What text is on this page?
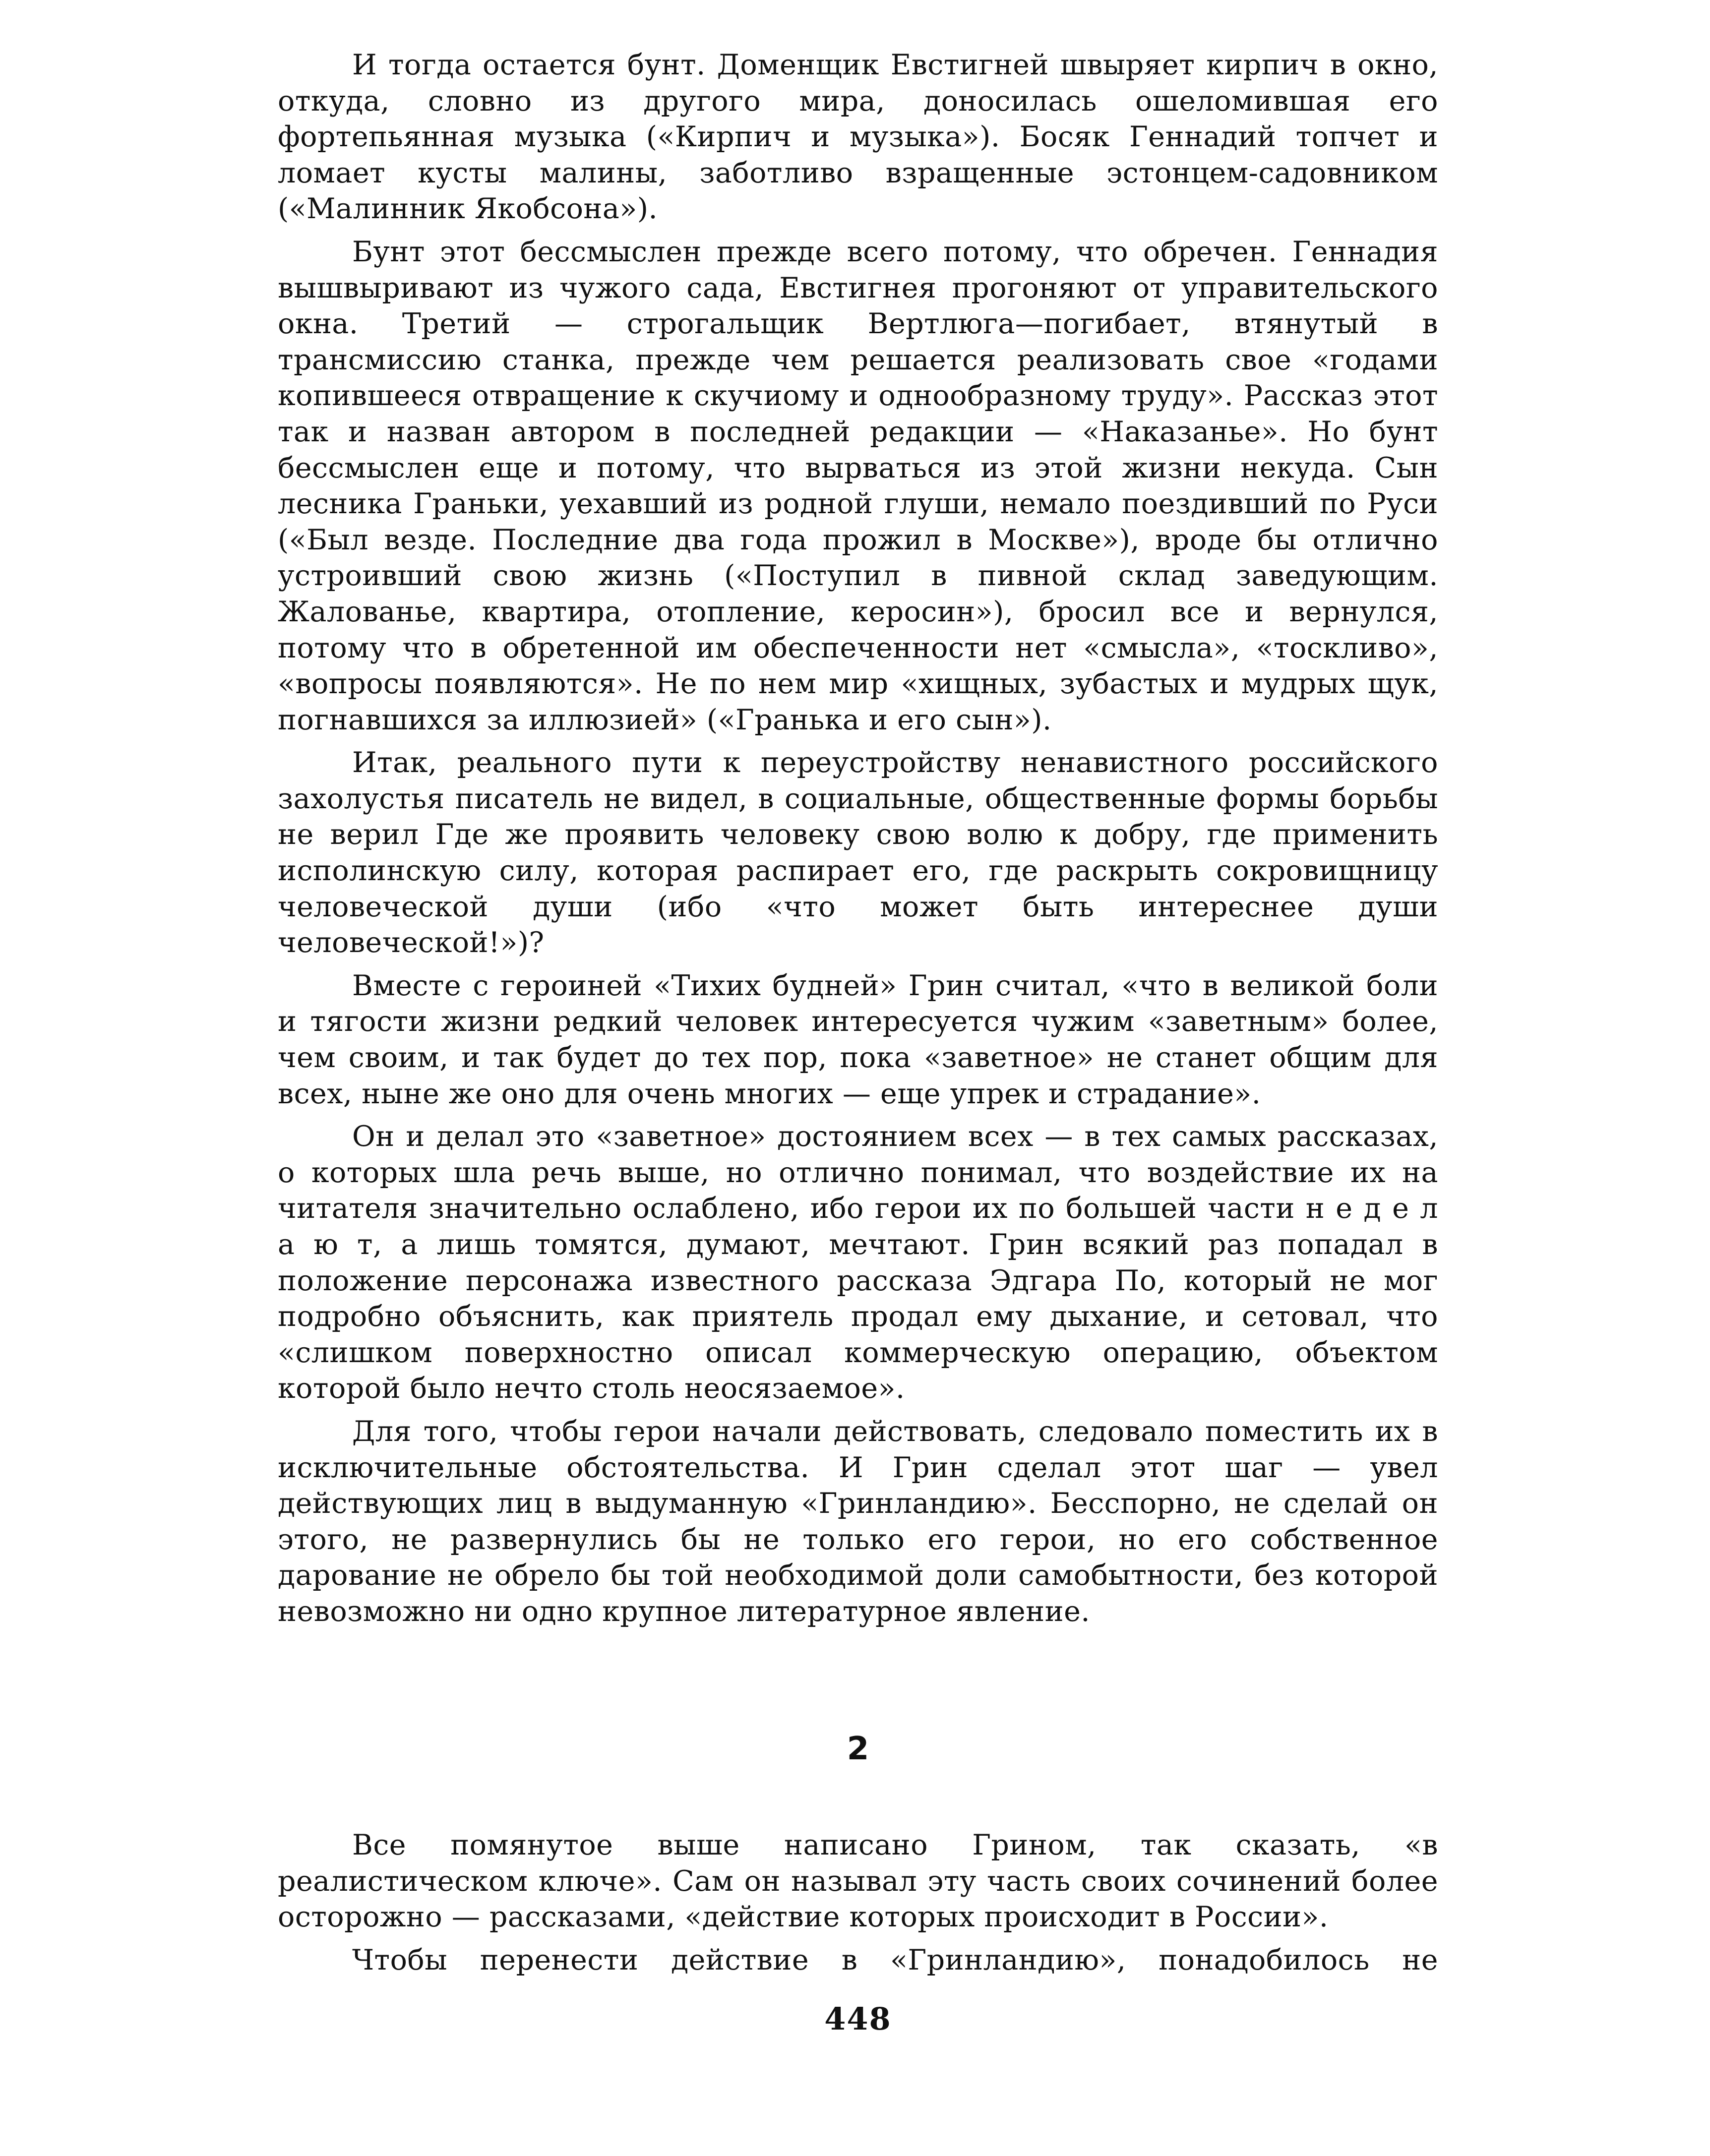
И тогда остается бунт. Доменщик Евстигней швыряет кирпич в окно, откуда, словно из другого мира, доносилась ошеломившая его фортепьянная музыка («Кирпич и музыка»). Босяк Геннадий топчет и ломает кусты малины, заботливо взращенные эстонцем-садовником («Малинник Якобсона»).

Бунт этот бессмыслен прежде всего потому, что обречен. Геннадия вышвыривают из чужого сада, Евстигнея прогоняют от управительского окна. Третий — строгальщик Вертлюга—погибает, втянутый в трансмиссию станка, прежде чем решается реализовать свое «годами копившееся отвращение к скучиому и однообразному труду». Рассказ этот так и назван автором в последней редакции — «Наказанье». Но бунт бессмыслен еще и потому, что вырваться из этой жизни некуда. Сын лесника Граньки, уехавший из родной глуши, немало поездивший по Руси («Был везде. Последние два года прожил в Москве»), вроде бы отлично устроивший свою жизнь («Поступил в пивной склад заведующим. Жалованье, квартира, отопление, керосин»), бросил все и вернулся, потому что в обретенной им обеспеченности нет «смысла», «тоскливо», «вопросы появляются». Не по нем мир «хищных, зубастых и мудрых щук, погнавшихся за иллюзией» («Гранька и его сын»).

Итак, реального пути к переустройству ненавистного российского захолустья писатель не видел, в социальные, общественные формы борьбы не верил Где же проявить человеку свою волю к добру, где применить исполинскую силу, которая распирает его, где раскрыть сокровищницу человеческой души (ибо «что может быть интереснее души человеческой!»)?

Вместе с героиней «Тихих будней» Грин считал, «что в великой боли и тягости жизни редкий человек интересуется чужим «заветным» более, чем своим, и так будет до тех пор, пока «заветное» не станет общим для всех, ныне же оно для очень многих — еще упрек и страдание».

Он и делал это «заветное» достоянием всех — в тех самых рассказах, о которых шла речь выше, но отлично понимал, что воздействие их на читателя значительно ослаблено, ибо герои их по большей части н е д е л а ю т, а лишь томятся, думают, мечтают. Грин всякий раз попадал в положение персонажа известного рассказа Эдгара По, который не мог подробно объяснить, как приятель продал ему дыхание, и сетовал, что «слишком поверхностно описал коммерческую операцию, объектом которой было нечто столь неосязаемое».

Для того, чтобы герои начали действовать, следовало поместить их в исключительные обстоятельства. И Грин сделал этот шаг — увел действующих лиц в выдуманную «Гринландию». Бесспорно, не сделай он этого, не развернулись бы не только его герои, но его собственное дарование не обрело бы той необходимой доли самобытности, без которой невозможно ни одно крупное литературное явление.

2

Все помянутое выше написано Грином, так сказать, «в реалистическом ключе». Сам он называл эту часть своих сочинений более осторожно — рассказами, «действие которых происходит в России».

Чтобы перенести действие в «Гринландию», понадобилось не

448
